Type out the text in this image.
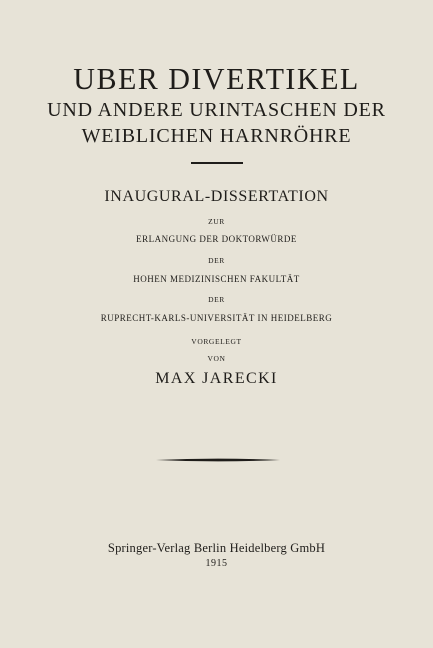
UBER DIVERTIKEL
UND ANDERE URINTASCHEN DER
WEIBLICHEN HARNRÖHRE
INAUGURAL-DISSERTATION
ZUR
ERLANGUNG DER DOKTORWÜRDE
DER
HOHEN MEDIZINISCHEN FAKULTÄT
DER
RUPRECHT-KARLS-UNIVERSITÄT IN HEIDELBERG
VORGELEGT
VON
MAX JARECKI
Springer-Verlag Berlin Heidelberg GmbH
1915
